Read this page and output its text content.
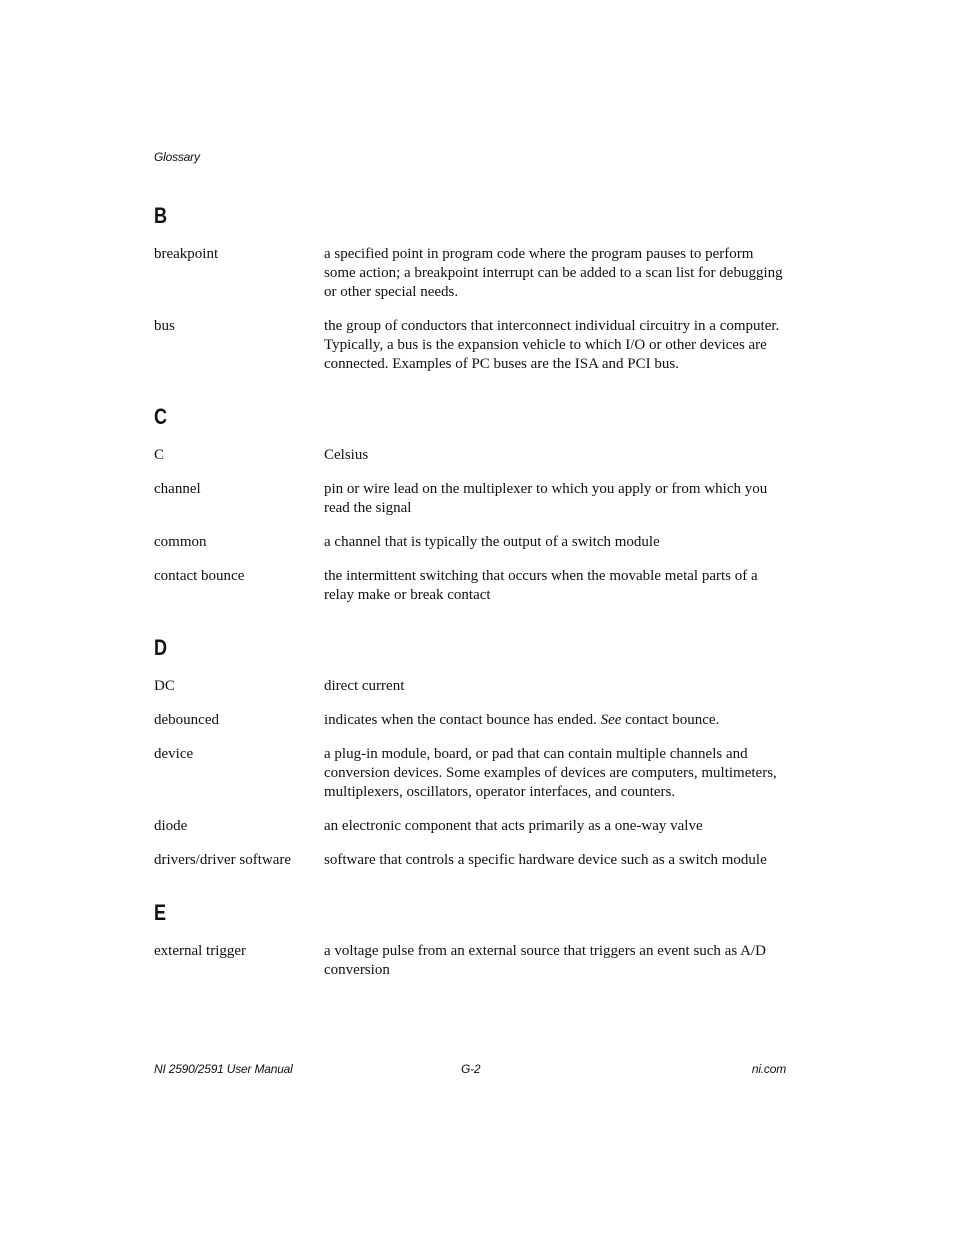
Glossary
B
breakpoint	a specified point in program code where the program pauses to perform some action; a breakpoint interrupt can be added to a scan list for debugging or other special needs.
bus	the group of conductors that interconnect individual circuitry in a computer. Typically, a bus is the expansion vehicle to which I/O or other devices are connected. Examples of PC buses are the ISA and PCI bus.
C
C	Celsius
channel	pin or wire lead on the multiplexer to which you apply or from which you read the signal
common	a channel that is typically the output of a switch module
contact bounce	the intermittent switching that occurs when the movable metal parts of a relay make or break contact
D
DC	direct current
debounced	indicates when the contact bounce has ended. See contact bounce.
device	a plug-in module, board, or pad that can contain multiple channels and conversion devices. Some examples of devices are computers, multimeters, multiplexers, oscillators, operator interfaces, and counters.
diode	an electronic component that acts primarily as a one-way valve
drivers/driver software	software that controls a specific hardware device such as a switch module
E
external trigger	a voltage pulse from an external source that triggers an event such as A/D conversion
NI 2590/2591 User Manual	G-2	ni.com
